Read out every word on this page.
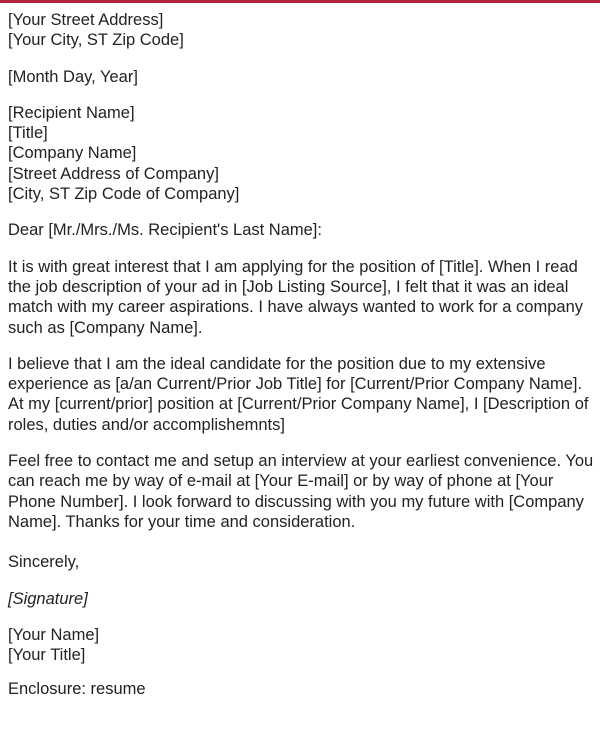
[Your Street Address]
[Your City, ST Zip Code]
[Month Day, Year]
[Recipient Name]
[Title]
[Company Name]
[Street Address of Company]
[City, ST Zip Code of Company]
Dear [Mr./Mrs./Ms. Recipient's Last Name]:

It is with great interest that I am applying for the position of [Title]. When I read the job description of your ad in [Job Listing Source], I felt that it was an ideal match with my career aspirations. I have always wanted to work for a company such as [Company Name].

I believe that I am the ideal candidate for the position due to my extensive experience as [a/an Current/Prior Job Title] for [Current/Prior Company Name]. At my [current/prior] position at [Current/Prior Company Name], I [Description of roles, duties and/or accomplishemnts]

Feel free to contact me and setup an interview at your earliest convenience. You can reach me by way of e-mail at [Your E-mail] or by way of phone at [Your Phone Number]. I look forward to discussing with you my future with [Company Name]. Thanks for your time and consideration.

Sincerely,
[Signature]
[Your Name]
[Your Title]
Enclosure: resume
